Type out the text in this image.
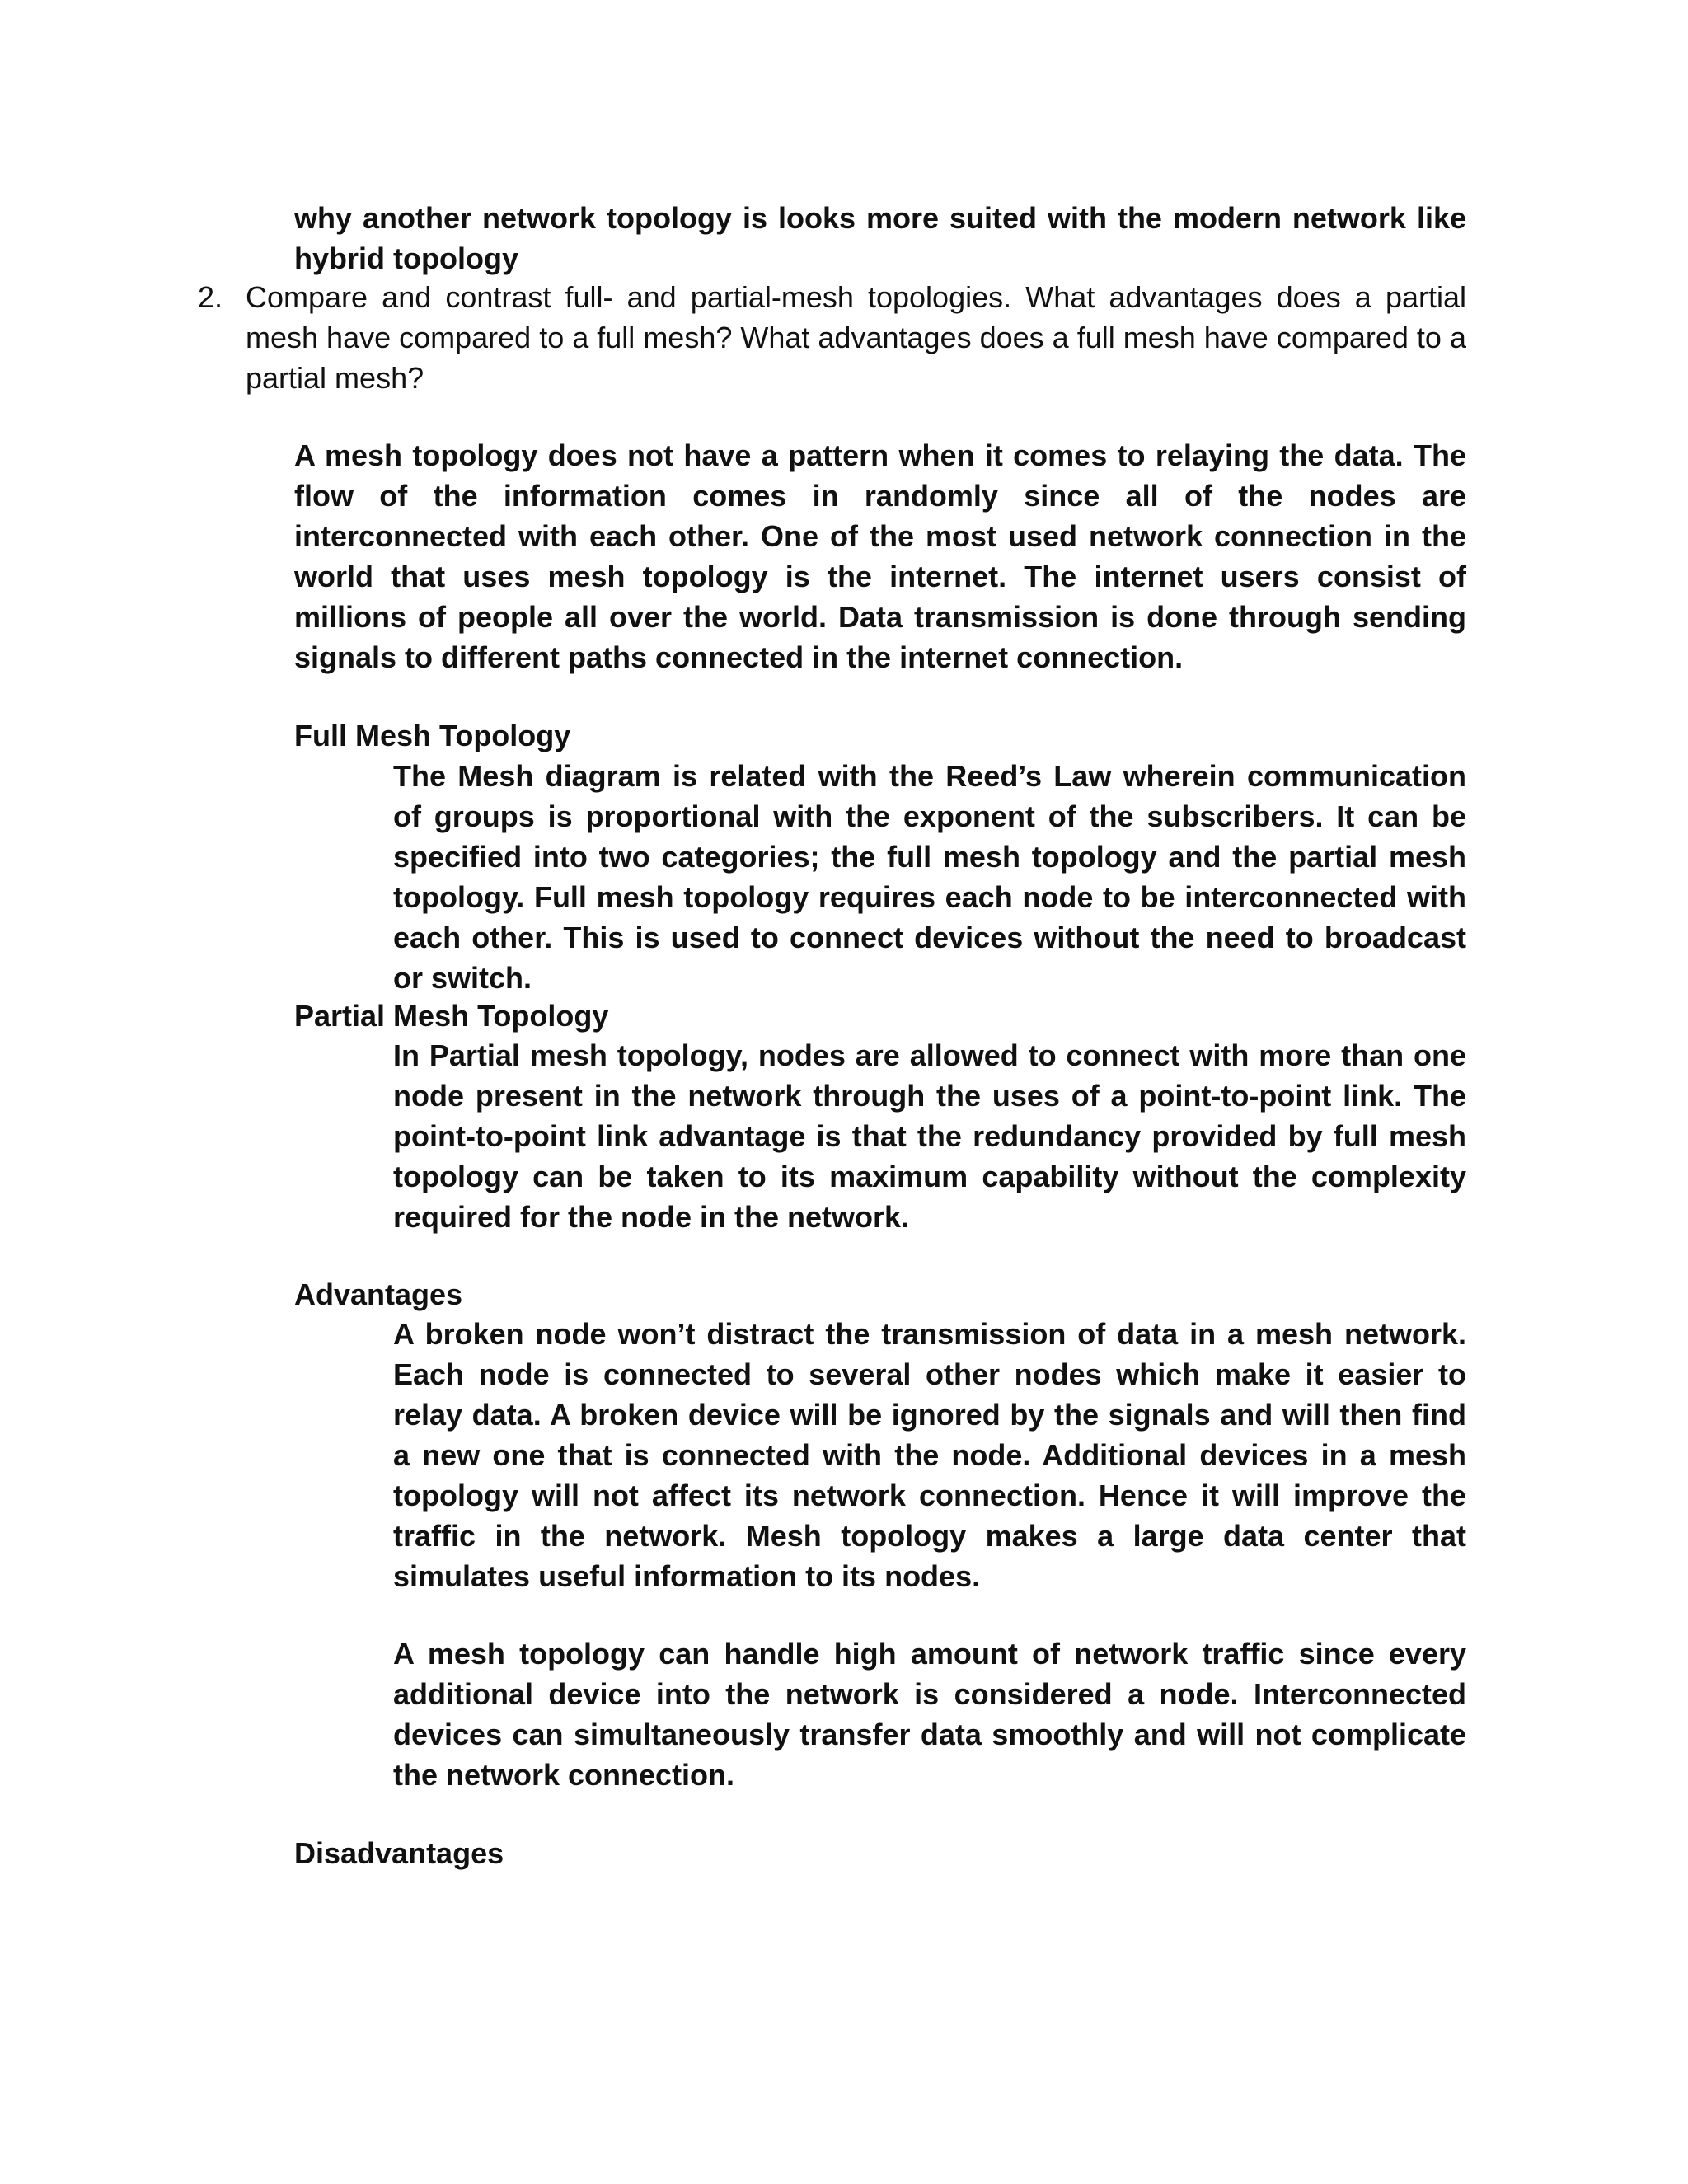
why another network topology is looks more suited with the modern network like hybrid topology
2. Compare and contrast full- and partial-mesh topologies. What advantages does a partial mesh have compared to a full mesh? What advantages does a full mesh have compared to a partial mesh?
A mesh topology does not have a pattern when it comes to relaying the data. The flow of the information comes in randomly since all of the nodes are interconnected with each other. One of the most used network connection in the world that uses mesh topology is the internet. The internet users consist of millions of people all over the world. Data transmission is done through sending signals to different paths connected in the internet connection.
Full Mesh Topology
The Mesh diagram is related with the Reed’s Law wherein communication of groups is proportional with the exponent of the subscribers. It can be specified into two categories; the full mesh topology and the partial mesh topology. Full mesh topology requires each node to be interconnected with each other. This is used to connect devices without the need to broadcast or switch.
Partial Mesh Topology
In Partial mesh topology, nodes are allowed to connect with more than one node present in the network through the uses of a point-to-point link. The point-to-point link advantage is that the redundancy provided by full mesh topology can be taken to its maximum capability without the complexity required for the node in the network.
Advantages
A broken node won’t distract the transmission of data in a mesh network. Each node is connected to several other nodes which make it easier to relay data. A broken device will be ignored by the signals and will then find a new one that is connected with the node. Additional devices in a mesh topology will not affect its network connection. Hence it will improve the traffic in the network. Mesh topology makes a large data center that simulates useful information to its nodes.
A mesh topology can handle high amount of network traffic since every additional device into the network is considered a node. Interconnected devices can simultaneously transfer data smoothly and will not complicate the network connection.
Disadvantages
